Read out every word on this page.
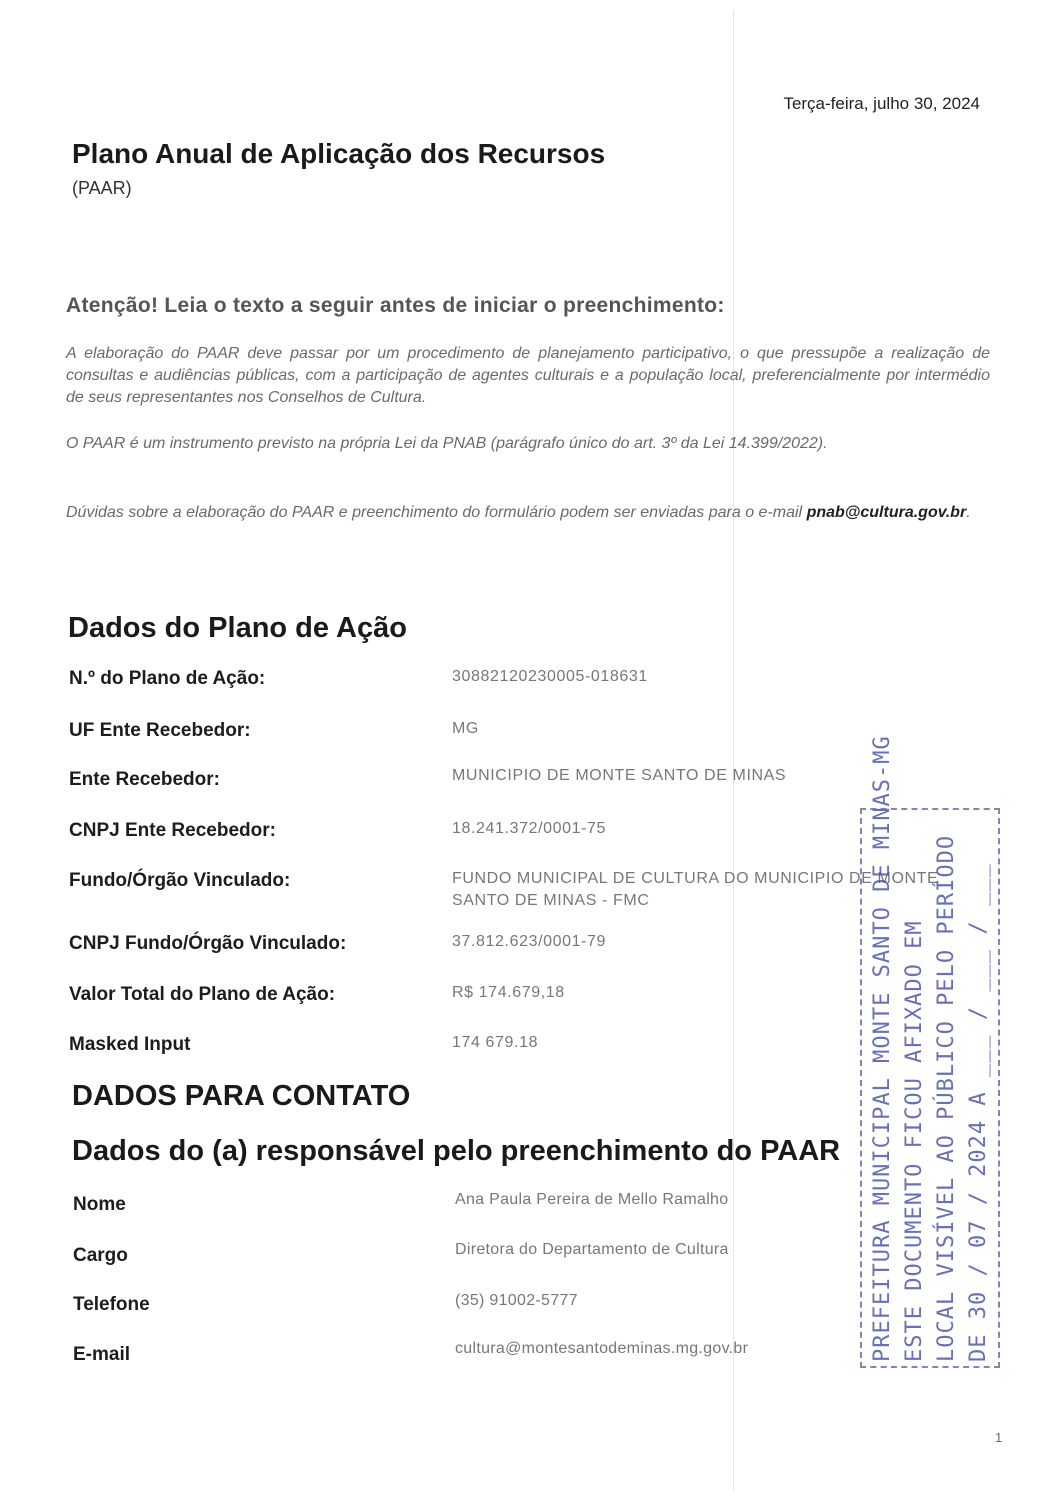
Terça-feira, julho 30, 2024
Plano Anual de Aplicação dos Recursos
(PAAR)
Atenção! Leia o texto a seguir antes de iniciar o preenchimento:

A elaboração do PAAR deve passar por um procedimento de planejamento participativo, o que pressupõe a realização de consultas e audiências públicas, com a participação de agentes culturais e a população local, preferencialmente por intermédio de seus representantes nos Conselhos de Cultura.

O PAAR é um instrumento previsto na própria Lei da PNAB (parágrafo único do art. 3º da Lei 14.399/2022).

Dúvidas sobre a elaboração do PAAR e preenchimento do formulário podem ser enviadas para o e-mail pnab@cultura.gov.br.

Dados do Plano de Ação
N.º do Plano de Ação:	30882120230005-018631
UF Ente Recebedor:	MG
Ente Recebedor:	MUNICIPIO DE MONTE SANTO DE MINAS
CNPJ Ente Recebedor:	18.241.372/0001-75
Fundo/Órgão Vinculado:	FUNDO MUNICIPAL DE CULTURA DO MUNICIPIO DE MONTE SANTO DE MINAS - FMC
CNPJ Fundo/Órgão Vinculado:	37.812.623/0001-79
Valor Total do Plano de Ação:	R$ 174.679,18
Masked Input	174 679.18
DADOS PARA CONTATO
Dados do (a) responsável pelo preenchimento do PAAR
Nome	Ana Paula Pereira de Mello Ramalho
Cargo	Diretora do Departamento de Cultura
Telefone	(35) 91002-5777
E-mail	cultura@montesantodeminas.mg.gov.br	PREFEITURA MUNICIPAL MONTE SANTO DE MINAS-MG ESTE DOCUMENTO FICOU AFIXADO EM LOCAL VISÍVEL AO PÚBLICO PELO PERÍODO DE 30 / 07 / 2024 A ___ / ___ / ___
1
